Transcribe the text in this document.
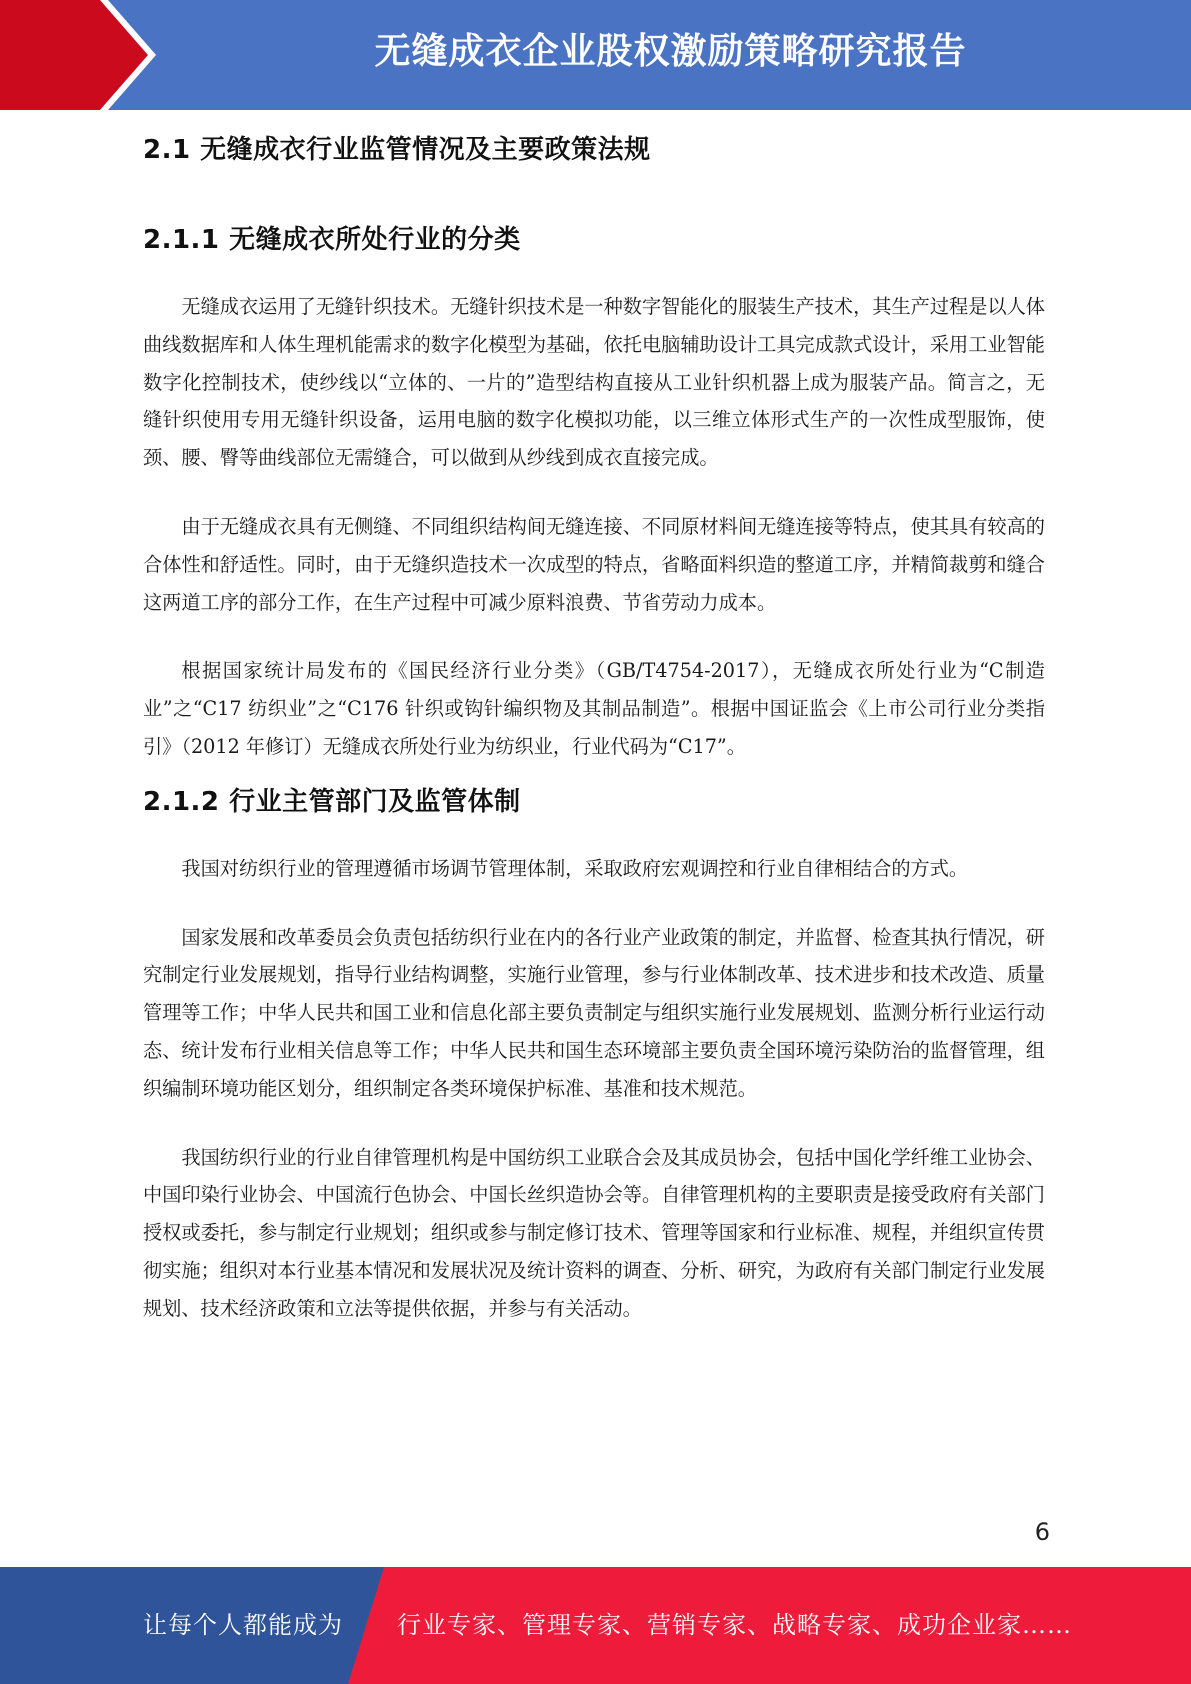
无缝成衣企业股权激励策略研究报告
2.1 无缝成衣行业监管情况及主要政策法规
2.1.1 无缝成衣所处行业的分类

无缝成衣运用了无缝针织技术。无缝针织技术是一种数字智能化的服装生产技术，其生产过程是以人体曲线数据库和人体生理机能需求的数字化模型为基础，依托电脑辅助设计工具完成款式设计，采用工业智能数字化控制技术，使纱线以“立体的、一片的”造型结构直接从工业针织机器上成为服装产品。简言之，无缝针织使用专用无缝针织设备，运用电脑的数字化模拟功能，以三维立体形式生产的一次性成型服饰，使颈、腰、臀等曲线部位无需缝合，可以做到从纱线到成衣直接完成。

由于无缝成衣具有无侧缝、不同组织结构间无缝连接、不同原材料间无缝连接等特点，使其具有较高的合体性和舒适性。同时，由于无缝织造技术一次成型的特点，省略面料织造的整道工序，并精简裁剪和缝合这两道工序的部分工作，在生产过程中可减少原料浪费、节省劳动力成本。

根据国家统计局发布的《国民经济行业分类》（GB/T4754-2017），无缝成衣所处行业为“C制造业”之“C17 纺织业”之“C176 针织或钩针编织物及其制品制造”。根据中国证监会《上市公司行业分类指引》（2012 年修订）无缝成衣所处行业为纺织业，行业代码为“C17”。

2.1.2 行业主管部门及监管体制

我国对纺织行业的管理遵循市场调节管理体制，采取政府宏观调控和行业自律相结合的方式。

国家发展和改革委员会负责包括纺织行业在内的各行业产业政策的制定，并监督、检查其执行情况，研究制定行业发展规划，指导行业结构调整，实施行业管理，参与行业体制改革、技术进步和技术改造、质量管理等工作；中华人民共和国工业和信息化部主要负责制定与组织实施行业发展规划、监测分析行业运行动态、统计发布行业相关信息等工作；中华人民共和国生态环境部主要负责全国环境污染防治的监督管理，组织编制环境功能区划分，组织制定各类环境保护标准、基准和技术规范。

我国纺织行业的行业自律管理机构是中国纺织工业联合会及其成员协会，包括中国化学纤维工业协会、中国印染行业协会、中国流行色协会、中国长丝织造协会等。自律管理机构的主要职责是接受政府有关部门授权或委托，参与制定行业规划；组织或参与制定修订技术、管理等国家和行业标准、规程，并组织宣传贯彻实施；组织对本行业基本情况和发展状况及统计资料的调查、分析、研究，为政府有关部门制定行业发展规划、技术经济政策和立法等提供依据，并参与有关活动。

6
让每个人都能成为 行业专家、管理专家、营销专家、战略专家、成功企业家……
